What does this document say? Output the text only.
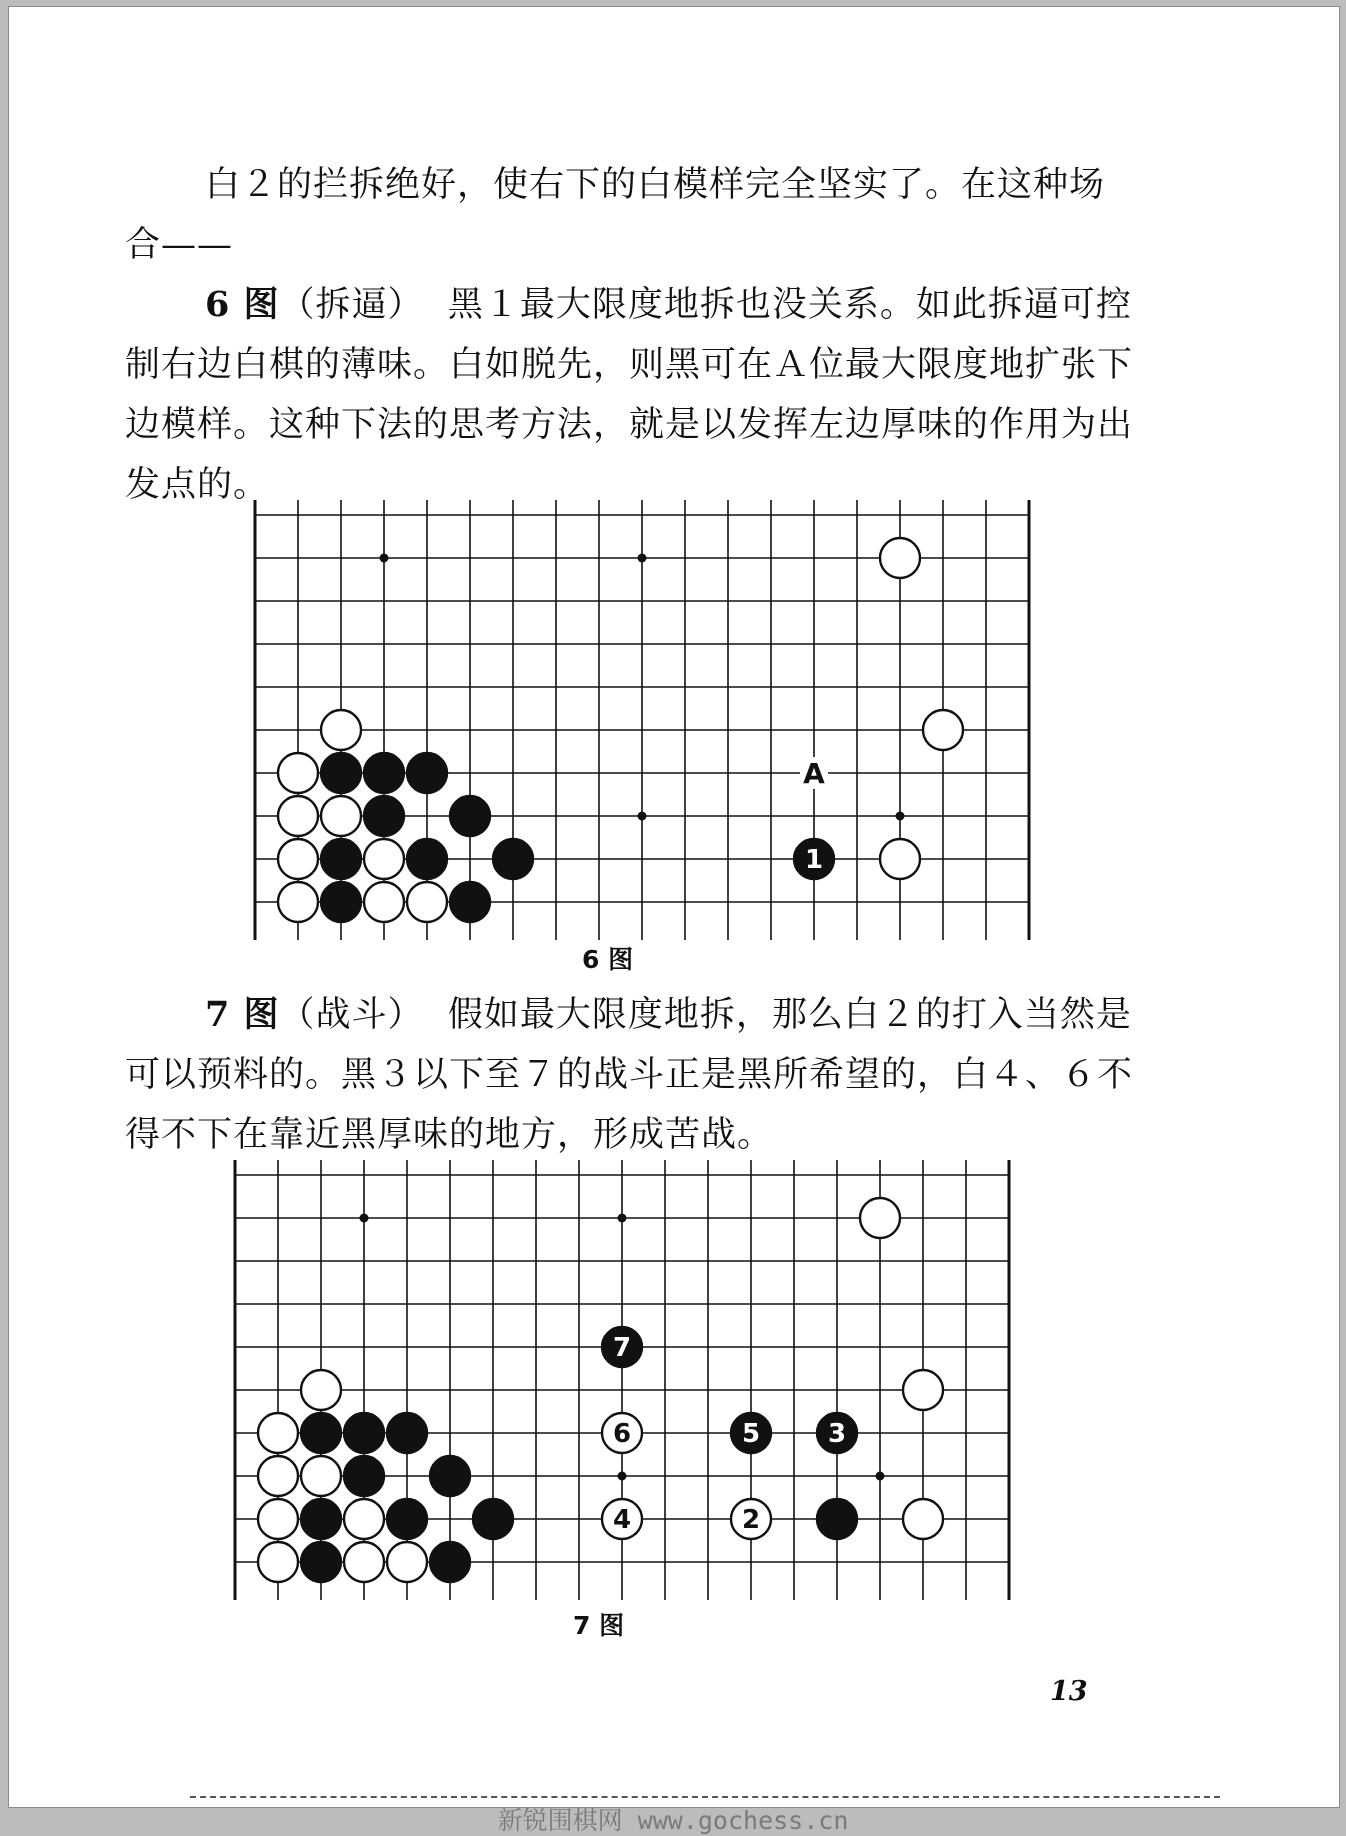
白２的拦拆绝好，使右下的白模样完全坚实了。在这种场合——
6 图（拆逼） 黑１最大限度地拆也没关系。如此拆逼可控制右边白棋的薄味。白如脱先，则黑可在Ａ位最大限度地扩张下边模样。这种下法的思考方法，就是以发挥左边厚味的作用为出发点的。
A
1
6 图
7 图（战斗） 假如最大限度地拆，那么白２的打入当然是可以预料的。黑３以下至７的战斗正是黑所希望的，白４、６不得不下在靠近黑厚味的地方，形成苦战。
7
6	5	3
4	2
7 图
13
新锐围棋网 www.gochess.cn
